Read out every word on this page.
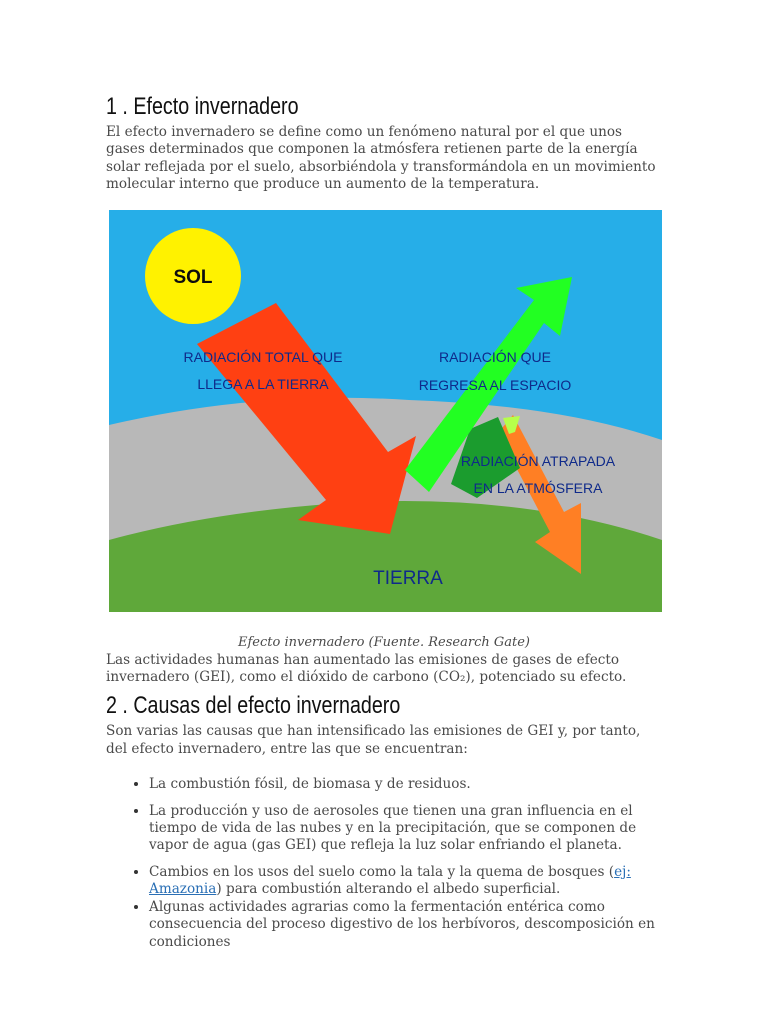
1 . Efecto invernadero

El efecto invernadero se define como un fenómeno natural por el que unos gases determinados que componen la atmósfera retienen parte de la energía solar reflejada por el suelo, absorbiéndola y transformándola en un movimiento molecular interno que produce un aumento de la temperatura.

SOL
RADIACIÓN TOTAL QUE
LLEGA A LA TIERRA
RADIACIÓN QUE
REGRESA AL ESPACIO
RADIACIÓN ATRAPADA
EN LA ATMÓSFERA
TIERRA
Efecto invernadero (Fuente. Research Gate)

Las actividades humanas han aumentado las emisiones de gases de efecto invernadero (GEI), como el dióxido de carbono (CO₂), potenciado su efecto.

2 . Causas del efecto invernadero

Son varias las causas que han intensificado las emisiones de GEI y, por tanto, del efecto invernadero, entre las que se encuentran:

• La combustión fósil, de biomasa y de residuos.
• La producción y uso de aerosoles que tienen una gran influencia en el tiempo de vida de las nubes y en la precipitación, que se componen de vapor de agua (gas GEI) que refleja la luz solar enfriando el planeta.
• Cambios en los usos del suelo como la tala y la quema de bosques (ej: Amazonia) para combustión alterando el albedo superficial.
• Algunas actividades agrarias como la fermentación entérica como consecuencia del proceso digestivo de los herbívoros, descomposición en condiciones
